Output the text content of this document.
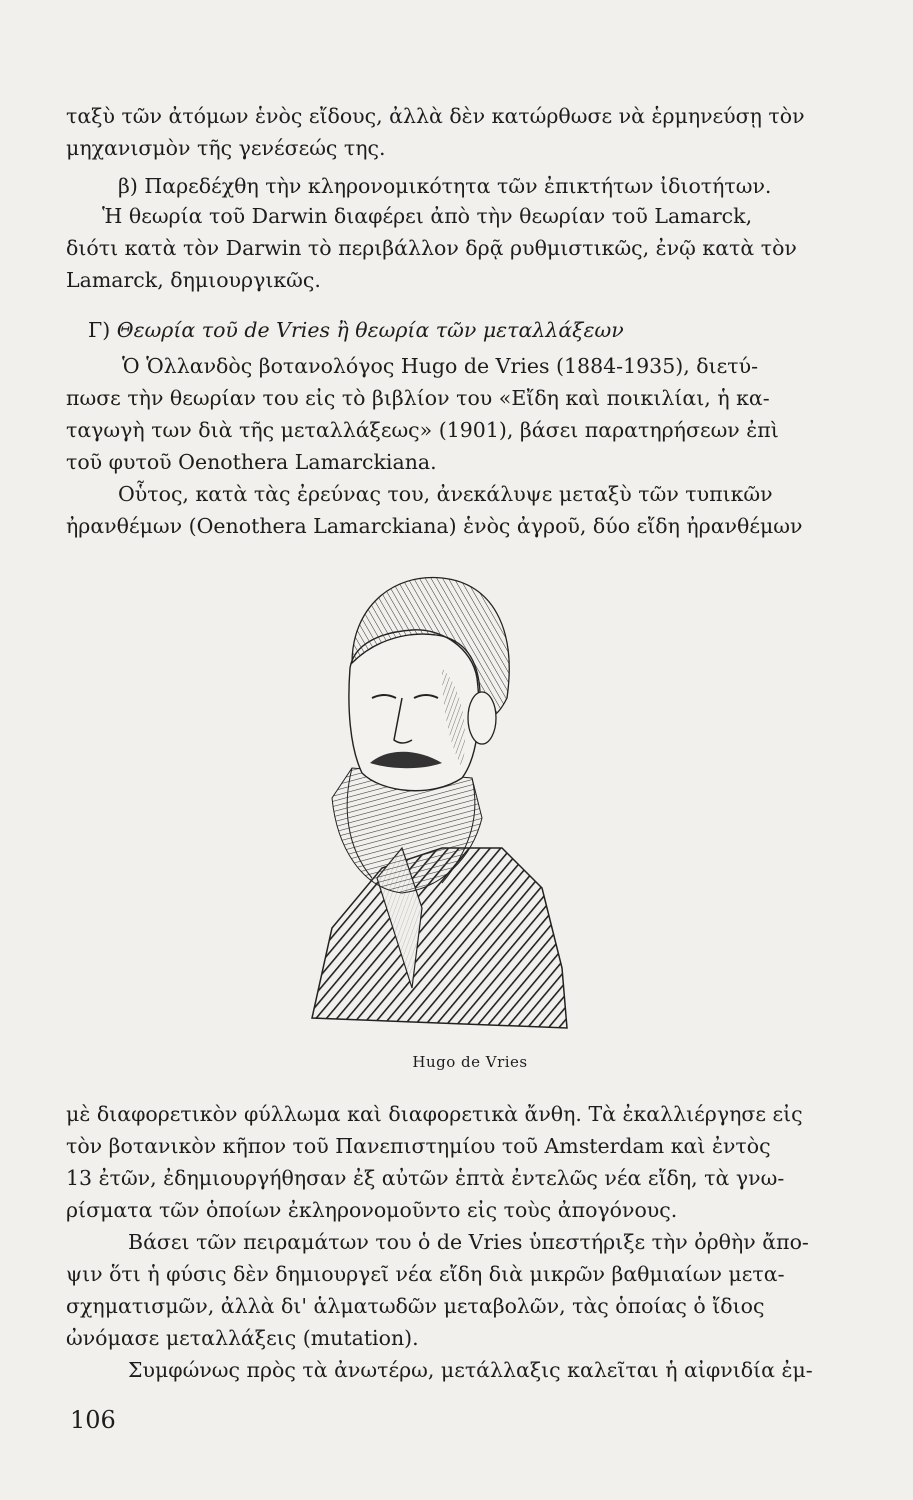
ταξὺ τῶν ἀτόμων ἑνὸς εἴδους, ἀλλὰ δὲν κατώρθωσε νὰ ἑρμηνεύσῃ τὸν
μηχανισμὸν τῆς γενέσεώς της.

β) Παρεδέχθη τὴν κληρονομικότητα τῶν ἐπικτήτων ἰδιοτήτων.

Ἡ θεωρία τοῦ Darwin διαφέρει ἀπὸ τὴν θεωρίαν τοῦ Lamarck,
διότι κατὰ τὸν Darwin τὸ περιβάλλον δρᾷ ρυθμιστικῶς, ἐνῷ κατὰ τὸν
Lamarck, δημιουργικῶς.

Γ) Θεωρία τοῦ de Vries ἢ θεωρία τῶν μεταλλάξεων

Ὁ Ὁλλανδὸς βοτανολόγος Hugo de Vries (1884-1935), διετύ-
πωσε τὴν θεωρίαν του εἰς τὸ βιβλίον του «Εἴδη καὶ ποικιλίαι, ἡ κα-
ταγωγὴ των διὰ τῆς μεταλλάξεως» (1901), βάσει παρατηρήσεων ἐπὶ
τοῦ φυτοῦ Oenothera Lamarckiana.

Οὗτος, κατὰ τὰς ἐρεύνας του, ἀνεκάλυψε μεταξὺ τῶν τυπικῶν
ἠρανθέμων (Oenothera Lamarckiana) ἑνὸς ἀγροῦ, δύο εἴδη ἠρανθέμων

Hugo de Vries

μὲ διαφορετικὸν φύλλωμα καὶ διαφορετικὰ ἄνθη. Τὰ ἐκαλλιέργησε εἰς
τὸν βοτανικὸν κῆπον τοῦ Πανεπιστημίου τοῦ Amsterdam καὶ ἐντὸς
13 ἐτῶν, ἐδημιουργήθησαν ἐξ αὐτῶν ἑπτὰ ἐντελῶς νέα εἴδη, τὰ γνω-
ρίσματα τῶν ὁποίων ἐκληρονομοῦντο εἰς τοὺς ἀπογόνους.

Βάσει τῶν πειραμάτων του ὁ de Vries ὑπεστήριξε τὴν ὀρθὴν ἄπο-
ψιν ὅτι ἡ φύσις δὲν δημιουργεῖ νέα εἴδη διὰ μικρῶν βαθμιαίων μετα-
σχηματισμῶν, ἀλλὰ δι' ἁλματωδῶν μεταβολῶν, τὰς ὁποίας ὁ ἴδιος
ὠνόμασε μεταλλάξεις (mutation).

Συμφώνως πρὸς τὰ ἀνωτέρω, μετάλλαξις καλεῖται ἡ αἰφνιδία ἐμ-

106
